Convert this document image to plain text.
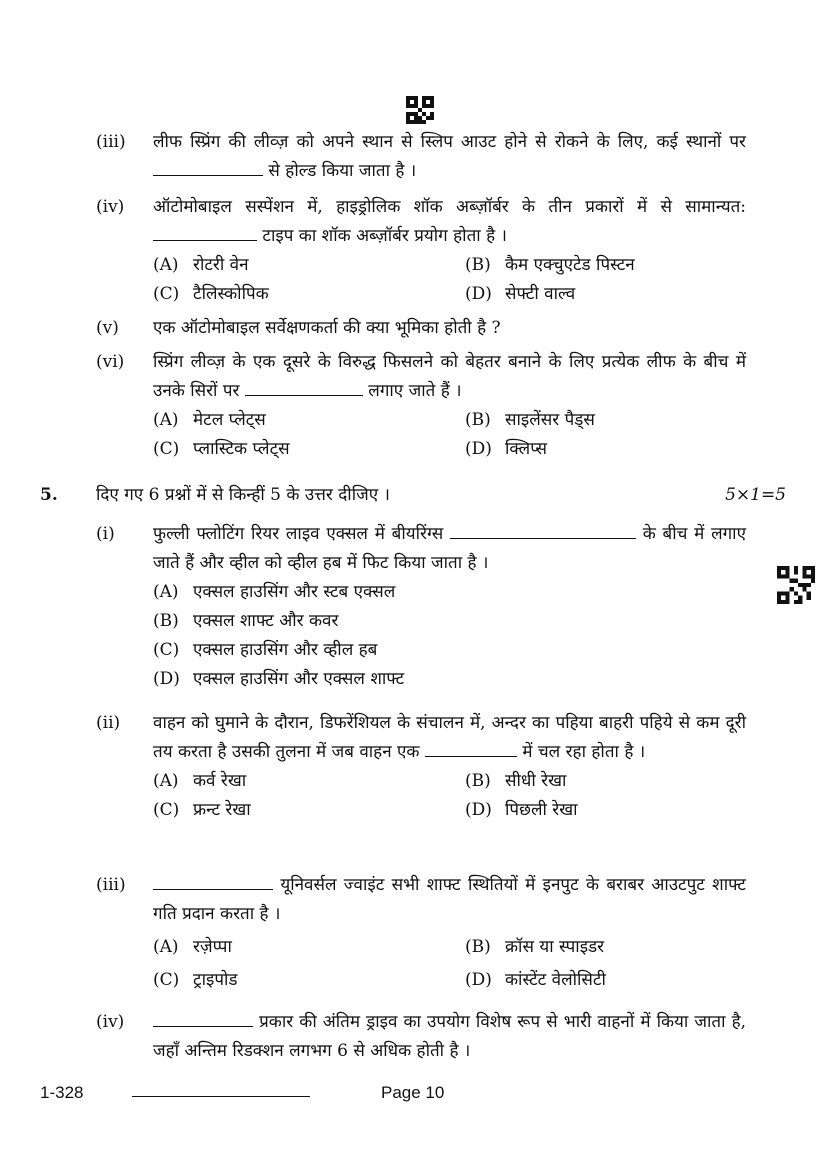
(iii)	लीफ स्प्रिंग की लीव्ज़ को अपने स्थान से स्लिप आउट होने से रोकने के लिए, कई स्थानों पर  से होल्ड किया जाता है ।
(iv)	ऑटोमोबाइल सस्पेंशन में, हाइड्रोलिक शॉक अब्ज़ॉर्बर के तीन प्रकारों में से सामान्यत:  टाइप का शॉक अब्ज़ॉर्बर प्रयोग होता है ।
(A) रोटरी वेन	(B) कैम एक्चुएटेड पिस्टन
(C) टैलिस्कोपिक	(D) सेफ्टी वाल्व
(v)	एक ऑटोमोबाइल सर्वेक्षणकर्ता की क्या भूमिका होती है ?
(vi)	स्प्रिंग लीव्ज़ के एक दूसरे के विरुद्ध फिसलने को बेहतर बनाने के लिए प्रत्येक लीफ के बीच में उनके सिरों पर	लगाए जाते हैं ।
(A) मेटल प्लेट्स	(B) साइलेंसर पैड्स
(C) प्लास्टिक प्लेट्स	(D) क्लिप्स
5. दिए गए 6 प्रश्नों में से किन्हीं 5 के उत्तर दीजिए ।	5×1=5
(i)	फुल्ली फ्लोटिंग रियर लाइव एक्सल में बीयरिंग्स	के बीच में लगाए जाते हैं और व्हील को व्हील हब में फिट किया जाता है ।
(A) एक्सल हाउसिंग और स्टब एक्सल
(B) एक्सल शाफ्ट और कवर
(C) एक्सल हाउसिंग और व्हील हब
(D) एक्सल हाउसिंग और एक्सल शाफ्ट
(ii)	वाहन को घुमाने के दौरान, डिफरेंशियल के संचालन में, अन्दर का पहिया बाहरी पहिये से कम दूरी तय करता है उसकी तुलना में जब वाहन एक	में चल रहा होता है ।
(A) कर्व रेखा	(B) सीधी रेखा
(C) फ्रन्ट रेखा	(D) पिछली रेखा
(iii)	यूनिवर्सल ज्वाइंट सभी शाफ्ट स्थितियों में इनपुट के बराबर आउटपुट शाफ्ट गति प्रदान करता है ।
(A) रज़ेप्पा	(B) क्रॉस या स्पाइडर
(C) ट्राइपोड	(D) कांस्टेंट वेलोसिटी
(iv)	प्रकार की अंतिम ड्राइव का उपयोग विशेष रूप से भारी वाहनों में किया जाता है, जहाँ अन्तिम रिडक्शन लगभग 6 से अधिक होती है ।
1-328	Page 10
